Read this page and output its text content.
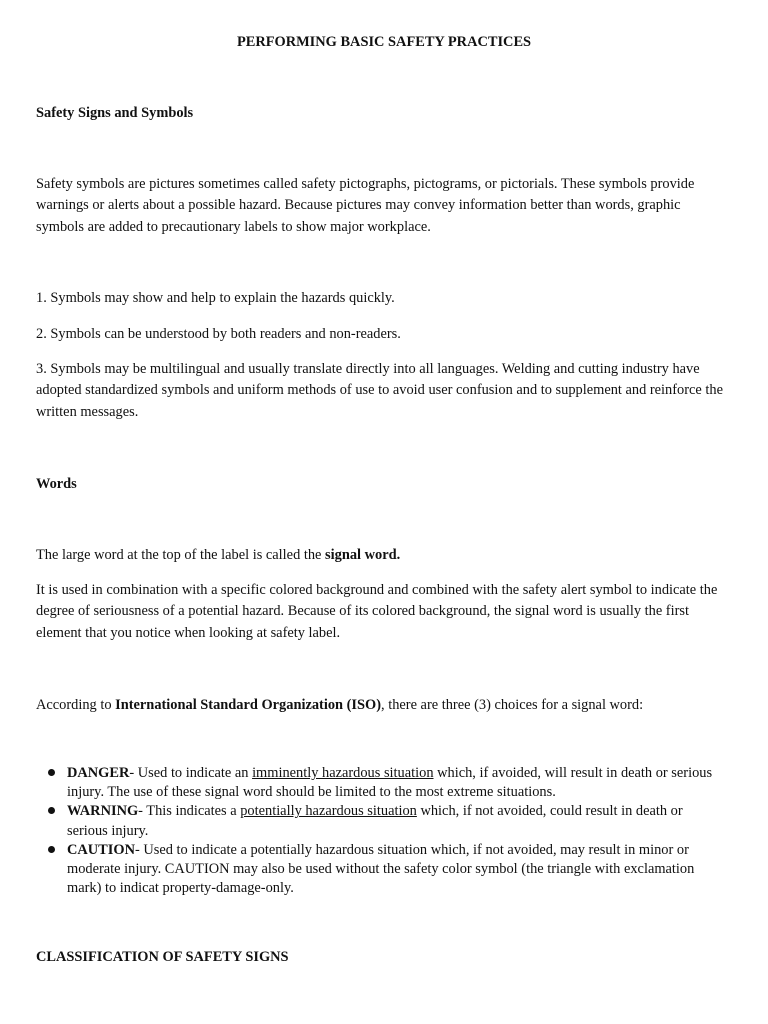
PERFORMING BASIC SAFETY PRACTICES

Safety Signs and Symbols

Safety symbols are pictures sometimes called safety pictographs, pictograms, or pictorials. These symbols provide warnings or alerts about a possible hazard. Because pictures may convey information better than words, graphic symbols are added to precautionary labels to show major workplace.

1. Symbols may show and help to explain the hazards quickly.

2. Symbols can be understood by both readers and non-readers.

3. Symbols may be multilingual and usually translate directly into all languages. Welding and cutting industry have adopted standardized symbols and uniform methods of use to avoid user confusion and to supplement and reinforce the written messages.

Words

The large word at the top of the label is called the signal word.

It is used in combination with a specific colored background and combined with the safety alert symbol to indicate the degree of seriousness of a potential hazard. Because of its colored background, the signal word is usually the first element that you notice when looking at safety label.

According to International Standard Organization (ISO), there are three (3) choices for a signal word:

DANGER- Used to indicate an imminently hazardous situation which, if avoided, will result in death or serious injury. The use of these signal word should be limited to the most extreme situations.
WARNING- This indicates a potentially hazardous situation which, if not avoided, could result in death or serious injury.
CAUTION- Used to indicate a potentially hazardous situation which, if not avoided, may result in minor or moderate injury. CAUTION may also be used without the safety color symbol (the triangle with exclamation mark) to indicat property-damage-only.

CLASSIFICATION OF SAFETY SIGNS
